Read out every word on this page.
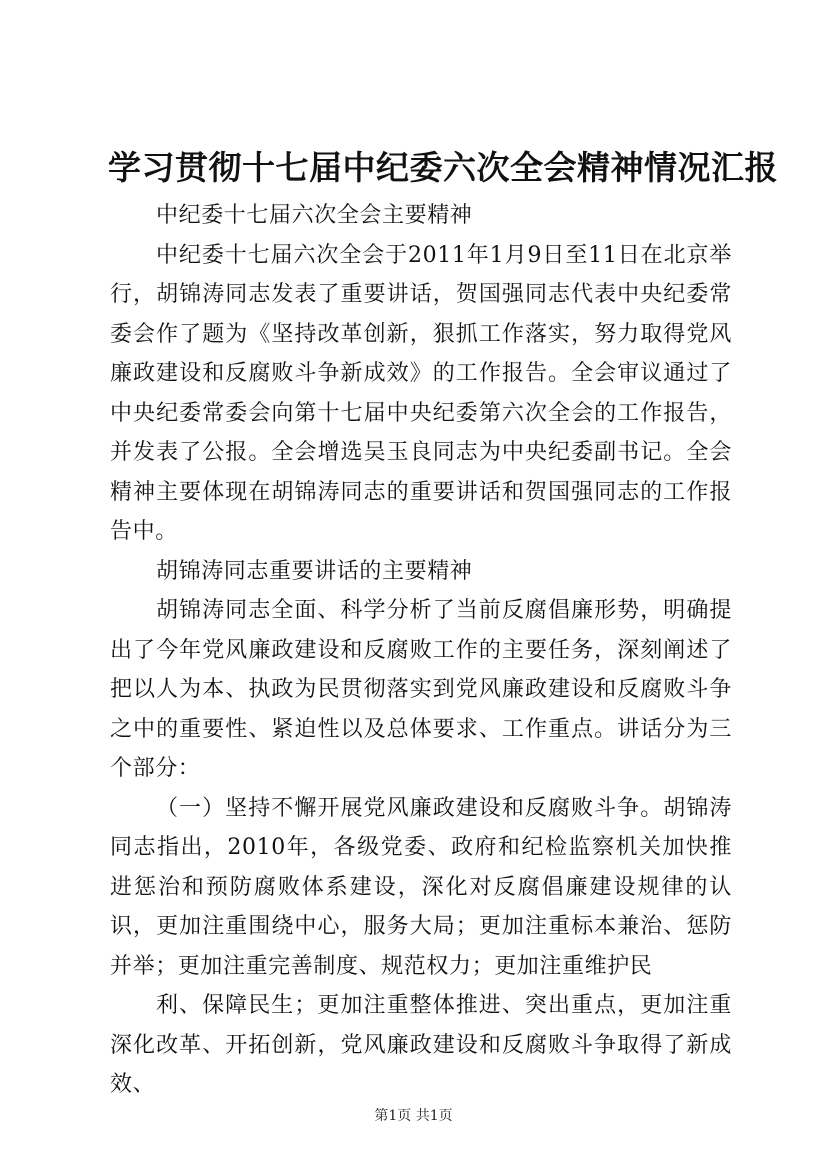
学习贯彻十七届中纪委六次全会精神情况汇报

中纪委十七届六次全会主要精神

中纪委十七届六次全会于2011年1月9日至11日在北京举行，胡锦涛同志发表了重要讲话，贺国强同志代表中央纪委常委会作了题为《坚持改革创新，狠抓工作落实，努力取得党风廉政建设和反腐败斗争新成效》的工作报告。全会审议通过了中央纪委常委会向第十七届中央纪委第六次全会的工作报告，并发表了公报。全会增选吴玉良同志为中央纪委副书记。全会精神主要体现在胡锦涛同志的重要讲话和贺国强同志的工作报告中。

胡锦涛同志重要讲话的主要精神

胡锦涛同志全面、科学分析了当前反腐倡廉形势，明确提出了今年党风廉政建设和反腐败工作的主要任务，深刻阐述了把以人为本、执政为民贯彻落实到党风廉政建设和反腐败斗争之中的重要性、紧迫性以及总体要求、工作重点。讲话分为三个部分：

（一）坚持不懈开展党风廉政建设和反腐败斗争。胡锦涛同志指出，2010年，各级党委、政府和纪检监察机关加快推进惩治和预防腐败体系建设，深化对反腐倡廉建设规律的认识，更加注重围绕中心，服务大局；更加注重标本兼治、惩防并举；更加注重完善制度、规范权力；更加注重维护民

利、保障民生；更加注重整体推进、突出重点，更加注重深化改革、开拓创新，党风廉政建设和反腐败斗争取得了新成效、

第1页 共1页
